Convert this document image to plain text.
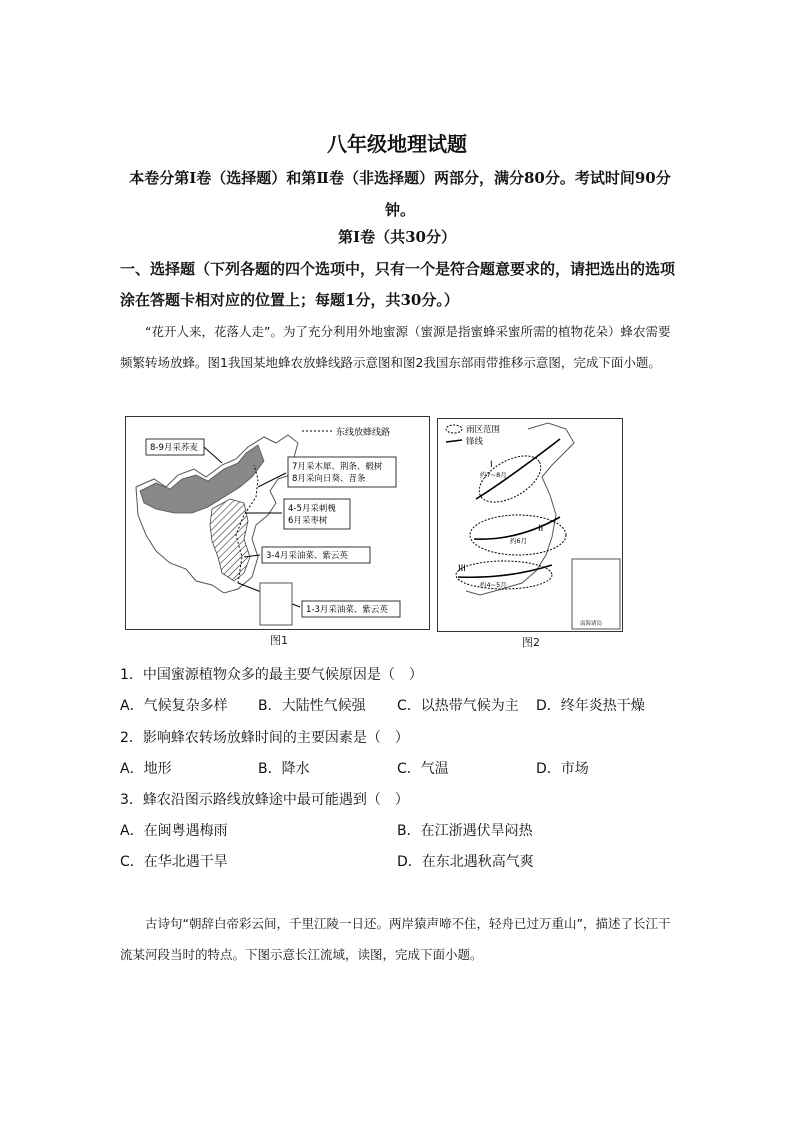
八年级地理试题
本卷分第Ⅰ卷（选择题）和第Ⅱ卷（非选择题）两部分，满分80分。考试时间90分钟。
第Ⅰ卷（共30分）
一、选择题（下列各题的四个选项中，只有一个是符合题意要求的，请把选出的选项涂在答题卡相对应的位置上；每题1分，共30分。）
“花开人来，花落人走”。为了充分利用外地蜜源（蜜源是指蜜蜂采蜜所需的植物花朵）蜂农需要频繁转场放蜂。图1我国某地蜂农放蜂线路示意图和图2我国东部雨带推移示意图，完成下面小题。
东线放蜂线路
8-9月采荞麦
7月采木犀、荆条、椴树
8月采向日葵、苕条
4-5月采刺槐
6月采枣树
3-4月采油菜、紫云英
1-3月采油菜、紫云英
图1
雨区范围
锋线
I
约7~8月
II
约6月
III
约4~5月
南海诸岛
图2
1．中国蜜源植物众多的最主要气候原因是（　）
A．气候复杂多样 B．大陆性气候强 C．以热带气候为主 D．终年炎热干燥
2．影响蜂农转场放蜂时间的主要因素是（　）
A．地形	B．降水	C．气温	D．市场
3．蜂农沿图示路线放蜂途中最可能遇到（　）
A．在闽粤遇梅雨	B．在江浙遇伏旱闷热
C．在华北遇干旱	D．在东北遇秋高气爽
古诗句“朝辞白帝彩云间，千里江陵一日还。两岸猿声啼不住，轻舟已过万重山”，描述了长江干流某河段当时的特点。下图示意长江流域，读图，完成下面小题。
